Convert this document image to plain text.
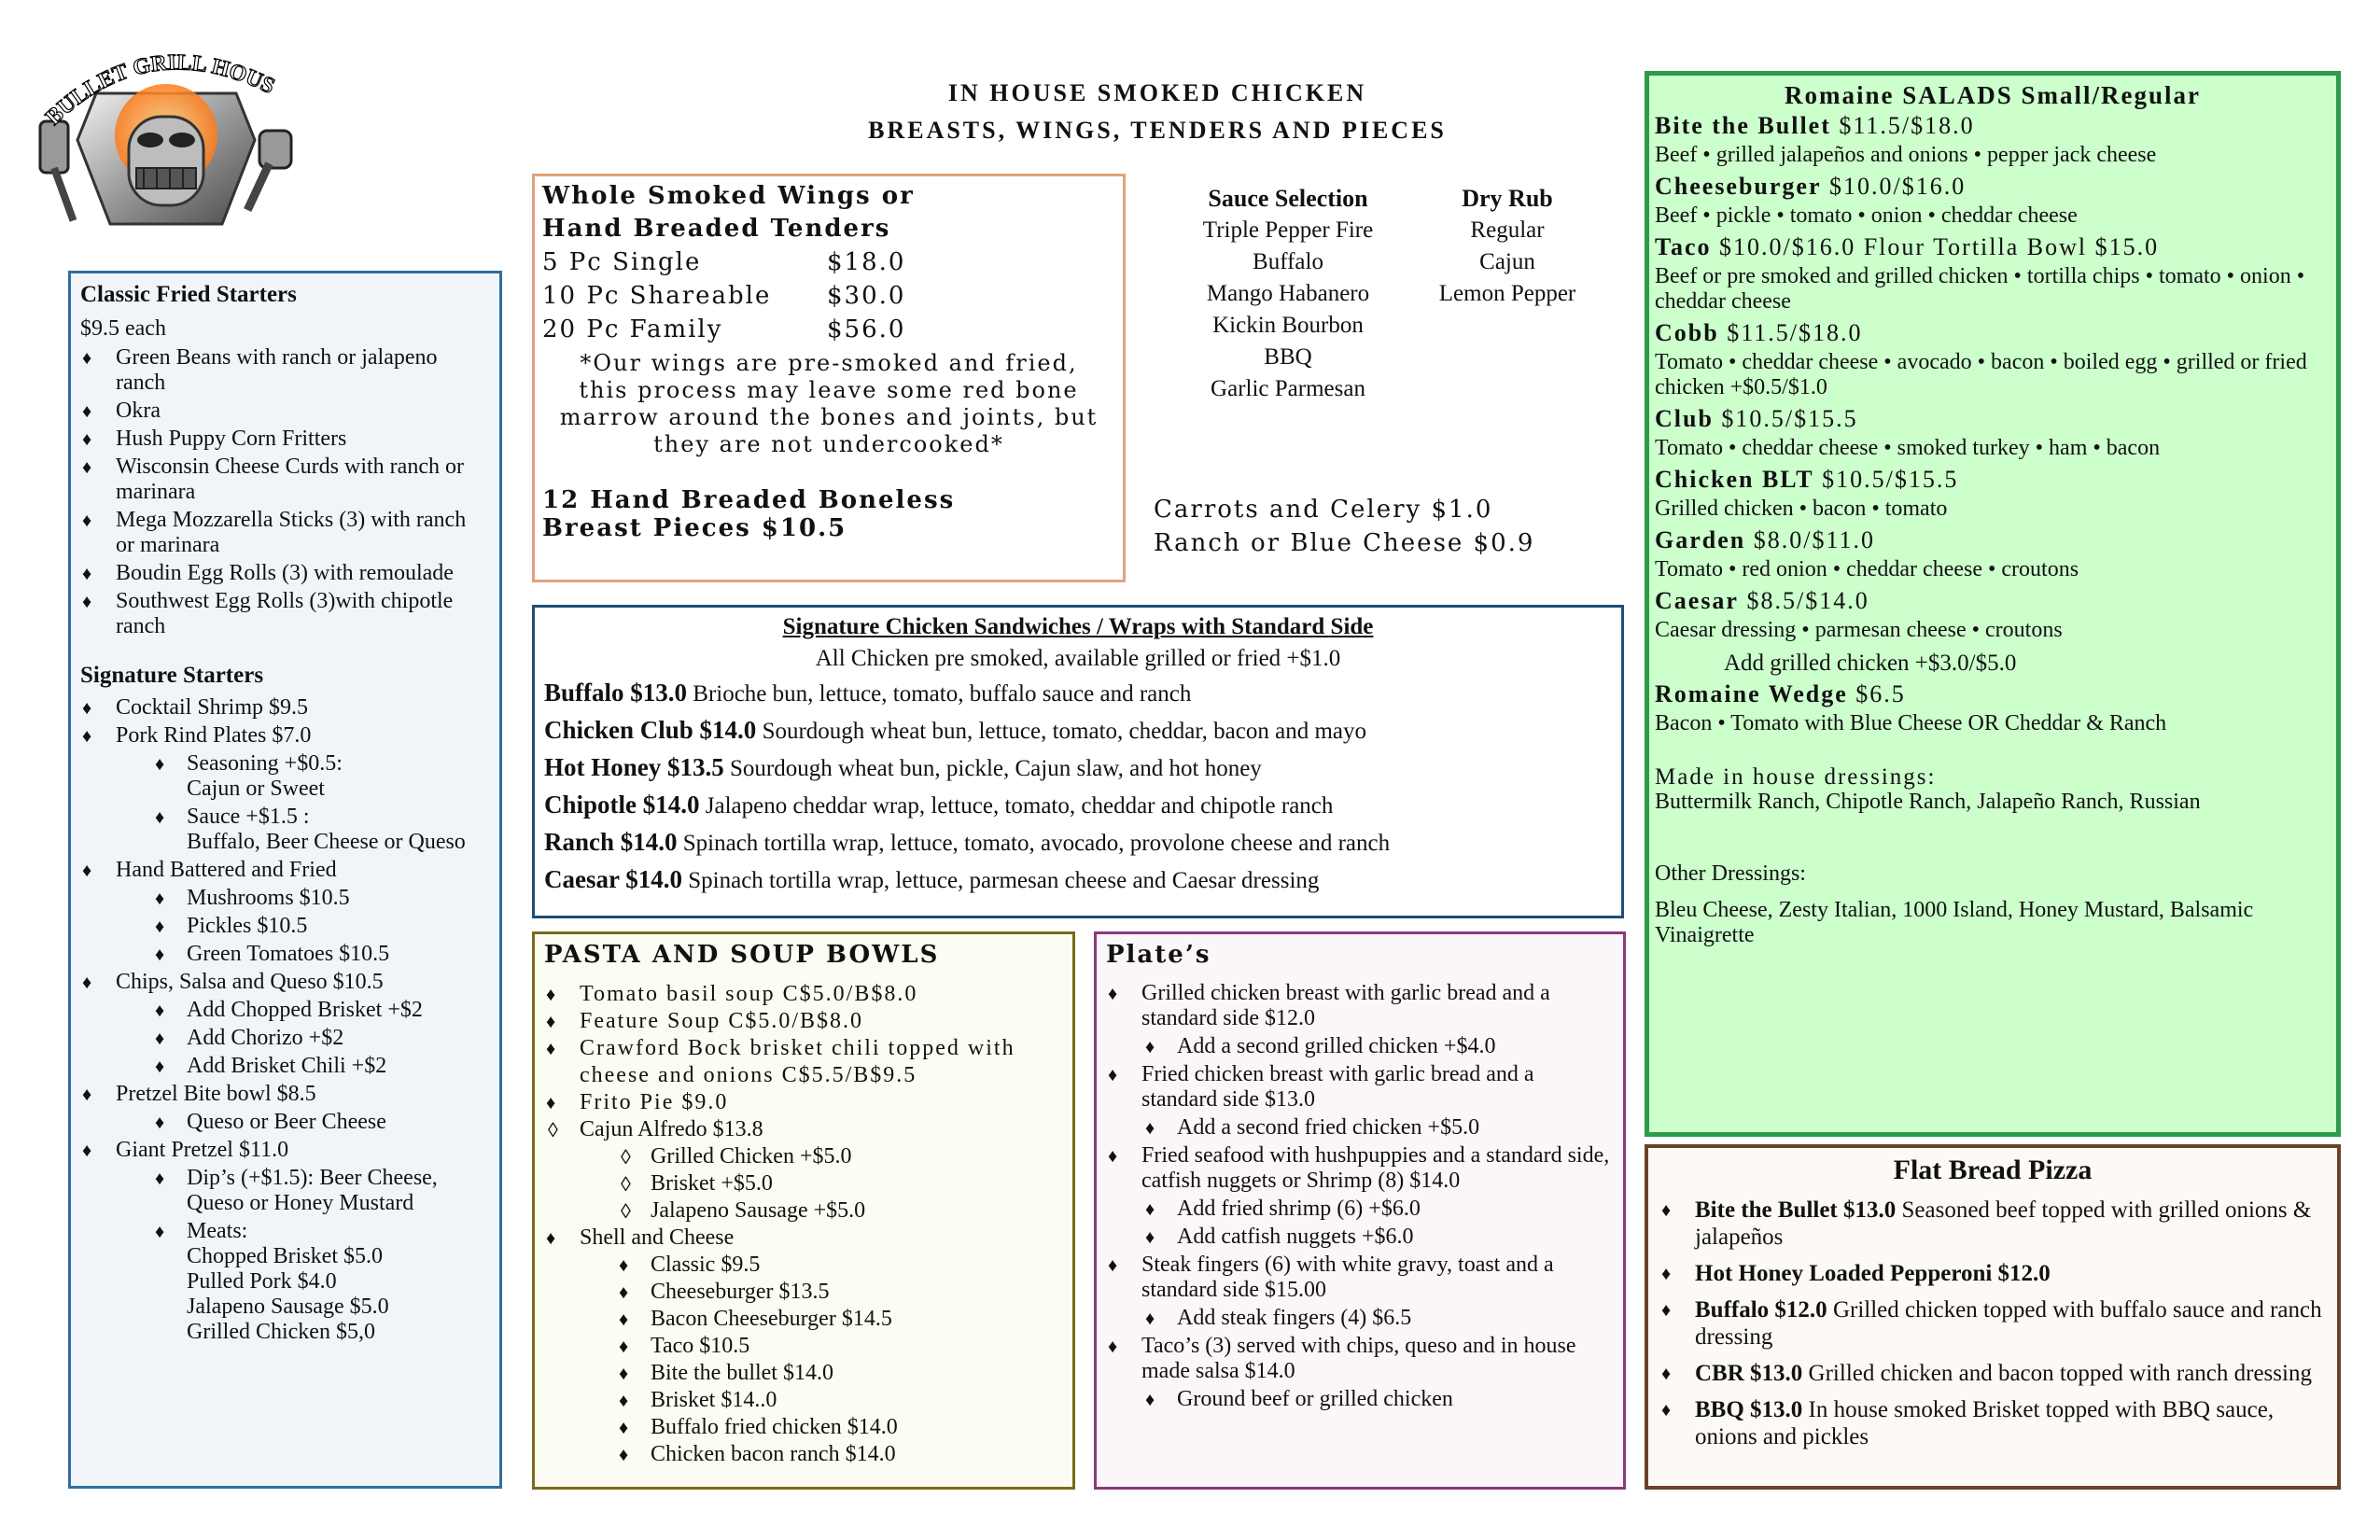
BULLET GRILL HOUS	IN HOUSE SMOKED CHICKEN
BREASTS, WINGS, TENDERS AND PIECES
Classic Fried Starters
$9.5 each
♦ Green Beans with ranch or jalapeno ranch
♦ Okra
♦ Hush Puppy Corn Fritters
♦ Wisconsin Cheese Curds with ranch or marinara
♦ Mega Mozzarella Sticks (3) with ranch or marinara
♦ Boudin Egg Rolls (3) with remoulade
♦ Southwest Egg Rolls (3)with chipotle ranch
Signature Starters
♦ Cocktail Shrimp $9.5
♦ Pork Rind Plates $7.0
♦ Seasoning +$0.5:
Cajun or Sweet
♦ Sauce +$1.5 :
Buffalo, Beer Cheese or Queso
♦ Hand Battered and Fried
♦ Mushrooms $10.5
♦ Pickles $10.5
♦ Green Tomatoes $10.5
♦ Chips, Salsa and Queso $10.5
♦ Add Chopped Brisket +$2
♦ Add Chorizo +$2
♦ Add Brisket Chili +$2
♦ Pretzel Bite bowl $8.5
♦ Queso or Beer Cheese
♦ Giant Pretzel $11.0
♦ Dip’s (+$1.5): Beer Cheese, Queso or Honey Mustard
♦ Meats:
Chopped Brisket $5.0
Pulled Pork $4.0
Jalapeno Sausage $5.0
Grilled Chicken $5,0
Whole Smoked Wings or
Hand Breaded Tenders
5 Pc Single	$18.0
10 Pc Shareable	$30.0
20 Pc Family	$56.0
*Our wings are pre-smoked and fried, this process may leave some red bone marrow around the bones and joints, but they are not undercooked*
12 Hand Breaded Boneless
Breast Pieces $10.5
Sauce Selection
Triple Pepper Fire
Buffalo
Mango Habanero
Kickin Bourbon
BBQ
Garlic Parmesan
Dry Rub
Regular
Cajun
Lemon Pepper
Carrots and Celery $1.0
Ranch or Blue Cheese $0.9
Signature Chicken Sandwiches / Wraps with Standard Side
All Chicken pre smoked, available grilled or fried +$1.0
Buffalo $13.0 Brioche bun, lettuce, tomato, buffalo sauce and ranch
Chicken Club $14.0 Sourdough wheat bun, lettuce, tomato, cheddar, bacon and mayo
Hot Honey $13.5 Sourdough wheat bun, pickle, Cajun slaw, and hot honey
Chipotle $14.0 Jalapeno cheddar wrap, lettuce, tomato, cheddar and chipotle ranch
Ranch $14.0 Spinach tortilla wrap, lettuce, tomato, avocado, provolone cheese and ranch
Caesar $14.0 Spinach tortilla wrap, lettuce, parmesan cheese and Caesar dressing
PASTA AND SOUP BOWLS
♦ Tomato basil soup C$5.0/B$8.0
♦ Feature Soup C$5.0/B$8.0
♦ Crawford Bock brisket chili topped with cheese and onions C$5.5/B$9.5
♦ Frito Pie $9.0
◊ Cajun Alfredo $13.8
◊ Grilled Chicken +$5.0
◊ Brisket +$5.0
◊ Jalapeno Sausage +$5.0
♦ Shell and Cheese
♦ Classic $9.5
♦ Cheeseburger $13.5
♦ Bacon Cheeseburger $14.5
♦ Taco $10.5
♦ Bite the bullet $14.0
♦ Brisket $14..0
♦ Buffalo fried chicken $14.0
♦ Chicken bacon ranch $14.0
Plate’s
♦ Grilled chicken breast with garlic bread and a standard side $12.0
♦ Add a second grilled chicken +$4.0
♦ Fried chicken breast with garlic bread and a standard side $13.0
♦ Add a second fried chicken +$5.0
♦ Fried seafood with hushpuppies and a standard side, catfish nuggets or Shrimp (8) $14.0
♦ Add fried shrimp (6) +$6.0
♦ Add catfish nuggets +$6.0
♦ Steak fingers (6) with white gravy, toast and a standard side $15.00
♦ Add steak fingers (4) $6.5
♦ Taco’s (3) served with chips, queso and in house made salsa $14.0
♦ Ground beef or grilled chicken
Romaine SALADS Small/Regular
Bite the Bullet $11.5/$18.0
Beef • grilled jalapeños and onions • pepper jack cheese
Cheeseburger $10.0/$16.0
Beef • pickle • tomato • onion • cheddar cheese
Taco $10.0/$16.0 Flour Tortilla Bowl $15.0
Beef or pre smoked and grilled chicken • tortilla chips • tomato • onion • cheddar cheese
Cobb $11.5/$18.0
Tomato • cheddar cheese • avocado • bacon • boiled egg • grilled or fried chicken +$0.5/$1.0
Club $10.5/$15.5
Tomato • cheddar cheese • smoked turkey • ham • bacon
Chicken BLT $10.5/$15.5
Grilled chicken • bacon • tomato
Garden $8.0/$11.0
Tomato • red onion • cheddar cheese • croutons
Caesar $8.5/$14.0
Caesar dressing • parmesan cheese • croutons
Add grilled chicken +$3.0/$5.0
Romaine Wedge $6.5
Bacon • Tomato with Blue Cheese OR Cheddar & Ranch
Made in house dressings:
Buttermilk Ranch, Chipotle Ranch, Jalapeño Ranch, Russian
Other Dressings:
Bleu Cheese, Zesty Italian, 1000 Island, Honey Mustard, Balsamic Vinaigrette
Flat Bread Pizza
♦ Bite the Bullet $13.0 Seasoned beef topped with grilled onions & jalapeños
♦ Hot Honey Loaded Pepperoni $12.0
♦ Buffalo $12.0 Grilled chicken topped with buffalo sauce and ranch dressing
♦ CBR $13.0 Grilled chicken and bacon topped with ranch dressing
♦ BBQ $13.0 In house smoked Brisket topped with BBQ sauce, onions and pickles
